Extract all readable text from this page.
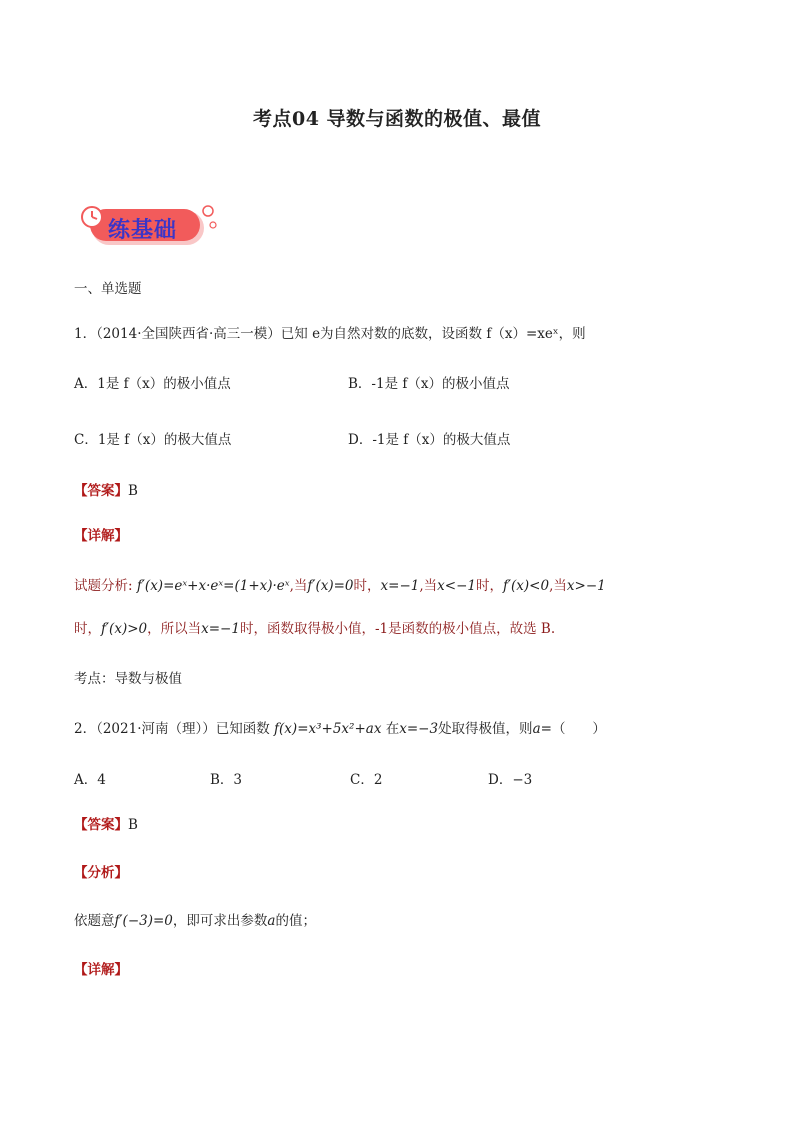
考点04 导数与函数的极值、最值
练基础
一、单选题
1．（2014·全国陕西省·高三一模）已知 e为自然对数的底数，设函数 f（x）=xeˣ，则
A．1是 f（x）的极小值点	B．-1是 f（x）的极小值点
C．1是 f（x）的极大值点	D．-1是 f（x）的极大值点
【答案】B
【详解】
试题分析: f′(x)=eˣ+x·eˣ=(1+x)·eˣ,当f′(x)=0时，x=−1,当x<−1时，f′(x)<0,当x>−1
时，f′(x)>0，所以当x=−1时，函数取得极小值，-1是函数的极小值点，故选 B.
考点：导数与极值
2．（2021·河南（理））已知函数 f(x)=x³+5x²+ax 在x=−3处取得极值，则a=（　　）
A．4	B．3	C．2	D．−3
【答案】B
【分析】
依题意f′(−3)=0，即可求出参数a的值；
【详解】
